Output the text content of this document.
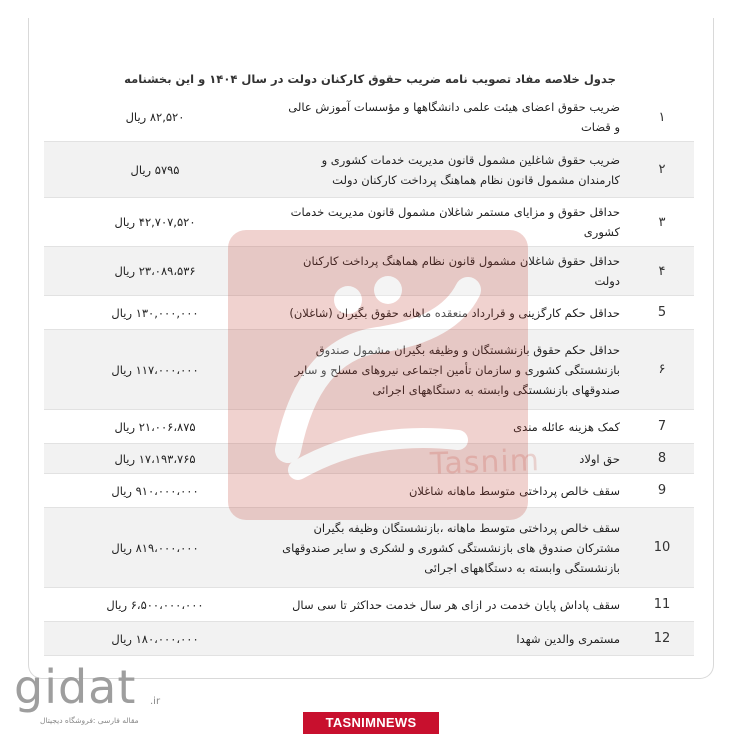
جدول خلاصه مفاد تصویب نامه ضریب حقوق کارکنان دولت در سال ۱۴۰۴ و این بخشنامه
۱	ضریب حقوق اعضای هیئت علمی دانشگاهها و مؤسسات آموزش عالی و قضات	۸۲,۵۲۰ ریال
۲	ضریب حقوق شاغلین مشمول قانون مدیریت خدمات کشوری و کارمندان مشمول قانون نظام هماهنگ پرداخت کارکنان دولت	۵۷۹۵ ریال
۳	حداقل حقوق و مزایای مستمر شاغلان مشمول قانون مدیریت خدمات کشوری	۴۲,۷۰۷,۵۲۰ ریال
۴	حداقل حقوق شاغلان مشمول قانون نظام هماهنگ پرداخت کارکنان دولت	۲۳،۰۸۹،۵۳۶ ریال
5	حداقل حکم کارگزینی و قرارداد منعقده ماهانه حقوق بگیران (شاغلان)	۱۳۰,۰۰۰,۰۰۰ ریال
۶	حداقل حکم حقوق بازنشستگان و وظیفه بگیران مشمول صندوق بازنشستگی کشوری و سازمان تأمین اجتماعی نیروهای مسلح و سایر صندوقهای بازنشستگی وابسته به دستگاههای اجرائی	۱۱۷،۰۰۰،۰۰۰ ریال
7	کمک هزینه عائله مندی	۲۱،۰۰۶،۸۷۵ ریال
8	حق اولاد	۱۷،۱۹۳،۷۶۵ ریال
9	سقف خالص پرداختی متوسط ماهانه شاغلان	۹۱۰،۰۰۰،۰۰۰ ریال
10	سقف خالص پرداختی متوسط ماهانه ،بازنشستگان وظیفه بگیران مشترکان صندوق های بازنشستگی کشوری و لشکری و سایر صندوقهای بازنشستگی وابسته به دستگاههای اجرائی	۸۱۹،۰۰۰،۰۰۰ ریال
11	سقف پاداش پایان خدمت در ازای هر سال خدمت حداکثر تا سی سال	۶،۵۰۰،۰۰۰،۰۰۰ ریال
12	مستمری والدین شهدا	۱۸۰،۰۰۰،۰۰۰ ریال
Tasnim
gidat .ir
مقاله فارسی :فروشگاه دیجیتال	TASNIMNEWS
